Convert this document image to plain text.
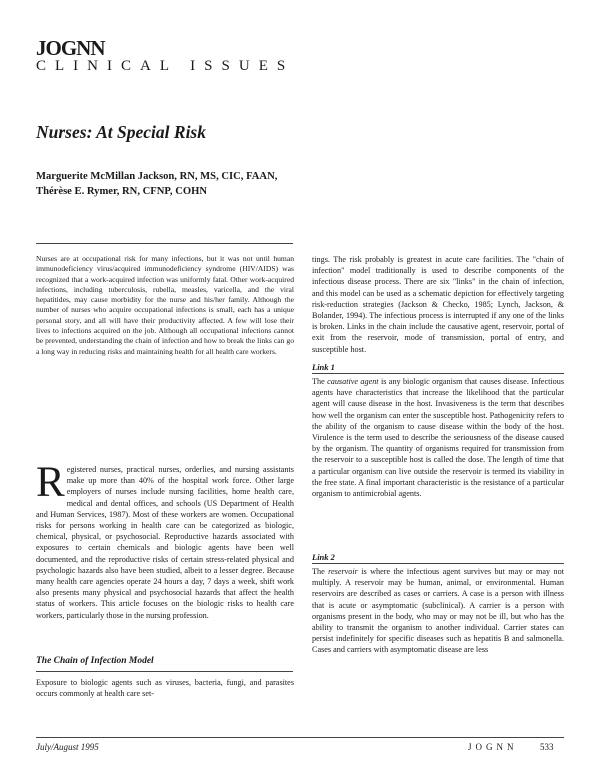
JOGNN
CLINICAL ISSUES
Nurses: At Special Risk
Marguerite McMillan Jackson, RN, MS, CIC, FAAN,
Thérèse E. Rymer, RN, CFNP, COHN
Nurses are at occupational risk for many infections, but it was not until human immunodeficiency virus/acquired immunodeficiency syndrome (HIV/AIDS) was recognized that a work-acquired infection was uniformly fatal. Other work-acquired infections, including tuberculosis, rubella, measles, varicella, and the viral hepatitides, may cause morbidity for the nurse and his/her family. Although the number of nurses who acquire occupational infections is small, each has a unique personal story, and all will have their productivity affected. A few will lose their lives to infections acquired on the job. Although all occupational infections cannot be prevented, understanding the chain of infection and how to break the links can go a long way in reducing risks and maintaining health for all health care workers.

Registered nurses, practical nurses, orderlies, and nursing assistants make up more than 40% of the hospital work force. Other large employers of nurses include nursing facilities, home health care, medical and dental offices, and schools (US Department of Health and Human Services, 1987). Most of these workers are women. Occupational risks for persons working in health care can be categorized as biologic, chemical, physical, or psychosocial. Reproductive hazards associated with exposures to certain chemicals and biologic agents have been well documented, and the reproductive risks of certain stress-related physical and psychologic hazards also have been studied, albeit to a lesser degree. Because many health care agencies operate 24 hours a day, 7 days a week, shift work also presents many physical and psychosocial hazards that affect the health status of workers. This article focuses on the biologic risks to health care workers, particularly those in the nursing profession.

The Chain of Infection Model
Exposure to biologic agents such as viruses, bacteria, fungi, and parasites occurs commonly at health care set-
tings. The risk probably is greatest in acute care facilities. The "chain of infection" model traditionally is used to describe components of the infectious disease process. There are six "links" in the chain of infection, and this model can be used as a schematic depiction for effectively targeting risk-reduction strategies (Jackson & Checko, 1985; Lynch, Jackson, & Bolander, 1994). The infectious process is interrupted if any one of the links is broken. Links in the chain include the causative agent, reservoir, portal of exit from the reservoir, mode of transmission, portal of entry, and susceptible host.
Link 1
The causative agent is any biologic organism that causes disease. Infectious agents have characteristics that increase the likelihood that the particular agent will cause disease in the host. Invasiveness is the term that describes how well the organism can enter the susceptible host. Pathogenicity refers to the ability of the organism to cause disease within the body of the host. Virulence is the term used to describe the seriousness of the disease caused by the organism. The quantity of organisms required for transmission from the reservoir to a susceptible host is called the dose. The length of time that a particular organism can live outside the reservoir is termed its viability in the free state. A final important characteristic is the resistance of a particular organism to antimicrobial agents.
Link 2
The reservoir is where the infectious agent survives but may or may not multiply. A reservoir may be human, animal, or environmental. Human reservoirs are described as cases or carriers. A case is a person with illness that is acute or asymptomatic (subclinical). A carrier is a person with organisms present in the body, who may or may not be ill, but who has the ability to transmit the organism to another individual. Carrier states can persist indefinitely for specific diseases such as hepatitis B and salmonella. Cases and carriers with asymptomatic disease are less
July/August 1995	JOGNN 533
